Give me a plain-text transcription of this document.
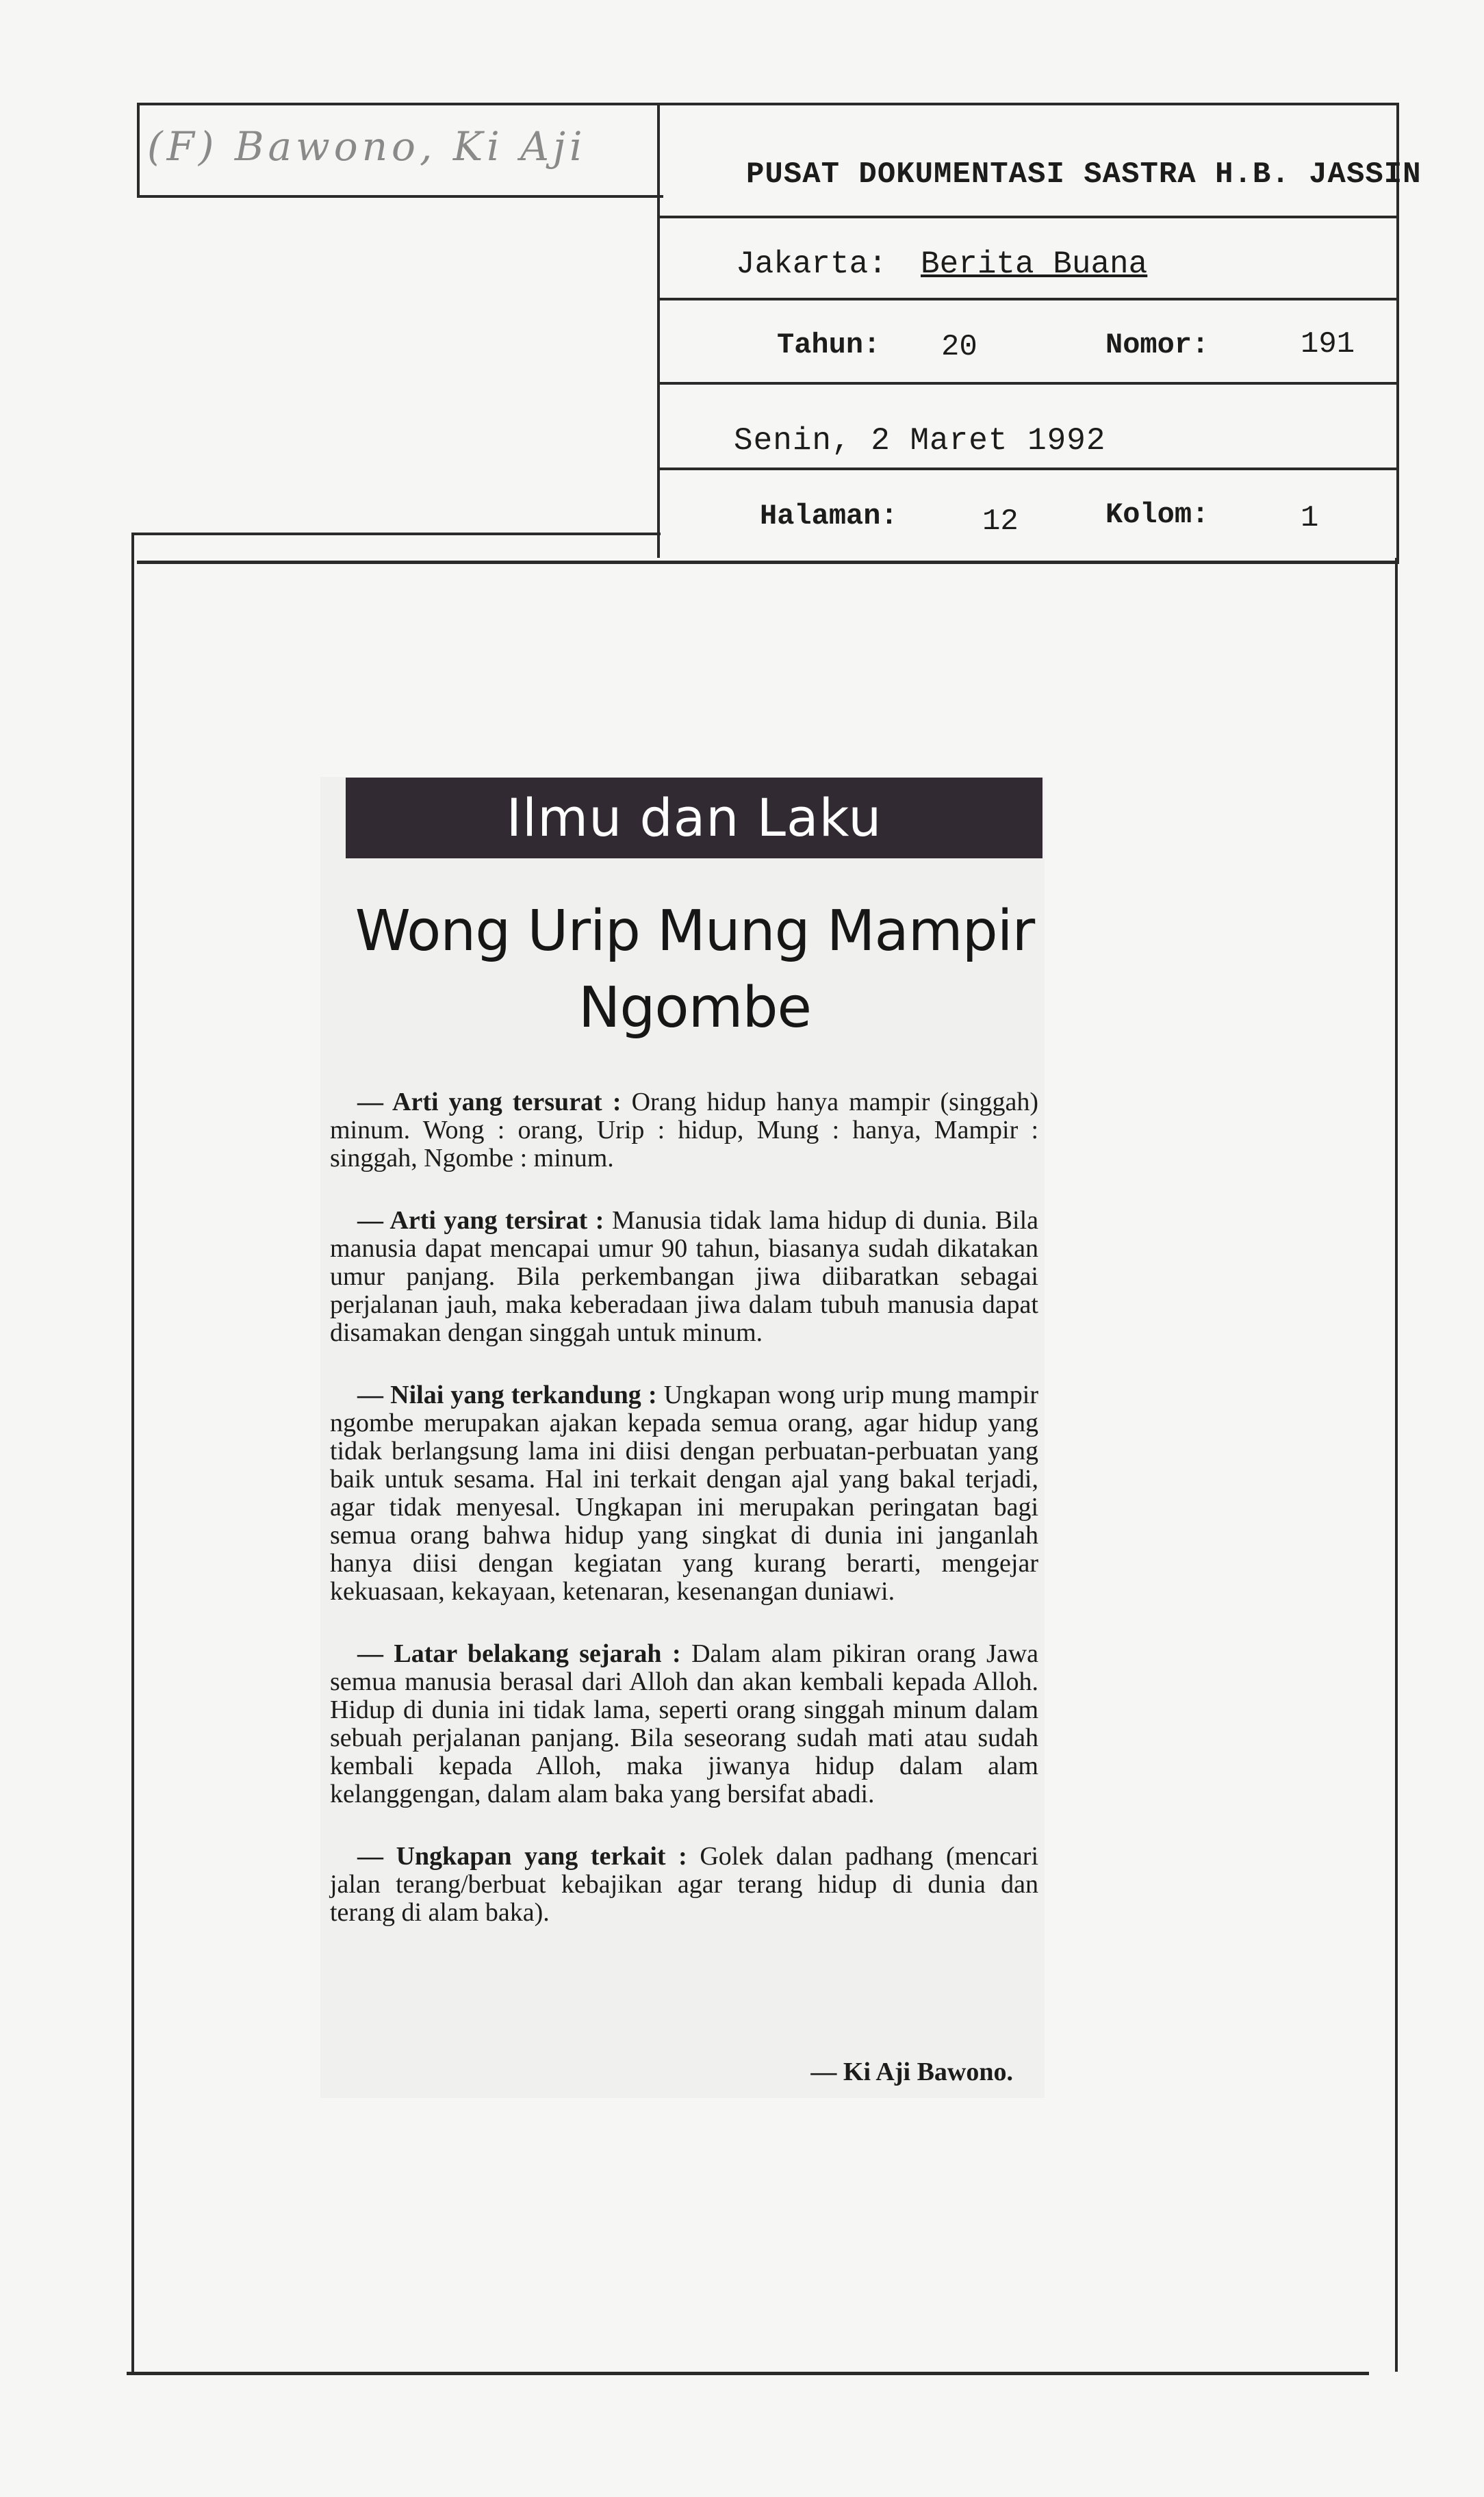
(F) Bawono, Ki Aji
PUSAT DOKUMENTASI SASTRA H.B. JASSIN
Jakarta: Berita Buana
Tahun: 20	Nomor:	191
Senin, 2 Maret 1992
Halaman:	12	Kolom:	1
Ilmu dan Laku
Wong Urip Mung Mampir Ngombe

— Arti yang tersurat : Orang hidup hanya mampir (singgah) minum. Wong : orang, Urip : hidup, Mung : hanya, Mampir : singgah, Ngombe : minum.

— Arti yang tersirat : Manusia tidak lama hidup di dunia. Bila manusia dapat mencapai umur 90 tahun, biasanya sudah dikatakan umur panjang. Bila perkembangan jiwa diibaratkan sebagai perjalanan jauh, maka keberadaan jiwa dalam tubuh manusia dapat disamakan dengan singgah untuk minum.

— Nilai yang terkandung : Ungkapan wong urip mung mampir ngombe merupakan ajakan kepada semua orang, agar hidup yang tidak berlangsung lama ini diisi dengan perbuatan-perbuatan yang baik untuk sesama. Hal ini terkait dengan ajal yang bakal terjadi, agar tidak menyesal. Ungkapan ini merupakan peringatan bagi semua orang bahwa hidup yang singkat di dunia ini janganlah hanya diisi dengan kegiatan yang kurang berarti, mengejar kekuasaan, kekayaan, ketenaran, kesenangan duniawi.

— Latar belakang sejarah : Dalam alam pikiran orang Jawa semua manusia berasal dari Alloh dan akan kembali kepada Alloh. Hidup di dunia ini tidak lama, seperti orang singgah minum dalam sebuah perjalanan panjang. Bila seseorang sudah mati atau sudah kembali kepada Alloh, maka jiwanya hidup dalam alam kelanggengan, dalam alam baka yang bersifat abadi.

— Ungkapan yang terkait : Golek dalan padhang (mencari jalan terang/berbuat kebajikan agar terang hidup di dunia dan terang di alam baka).

— Ki Aji Bawono.
